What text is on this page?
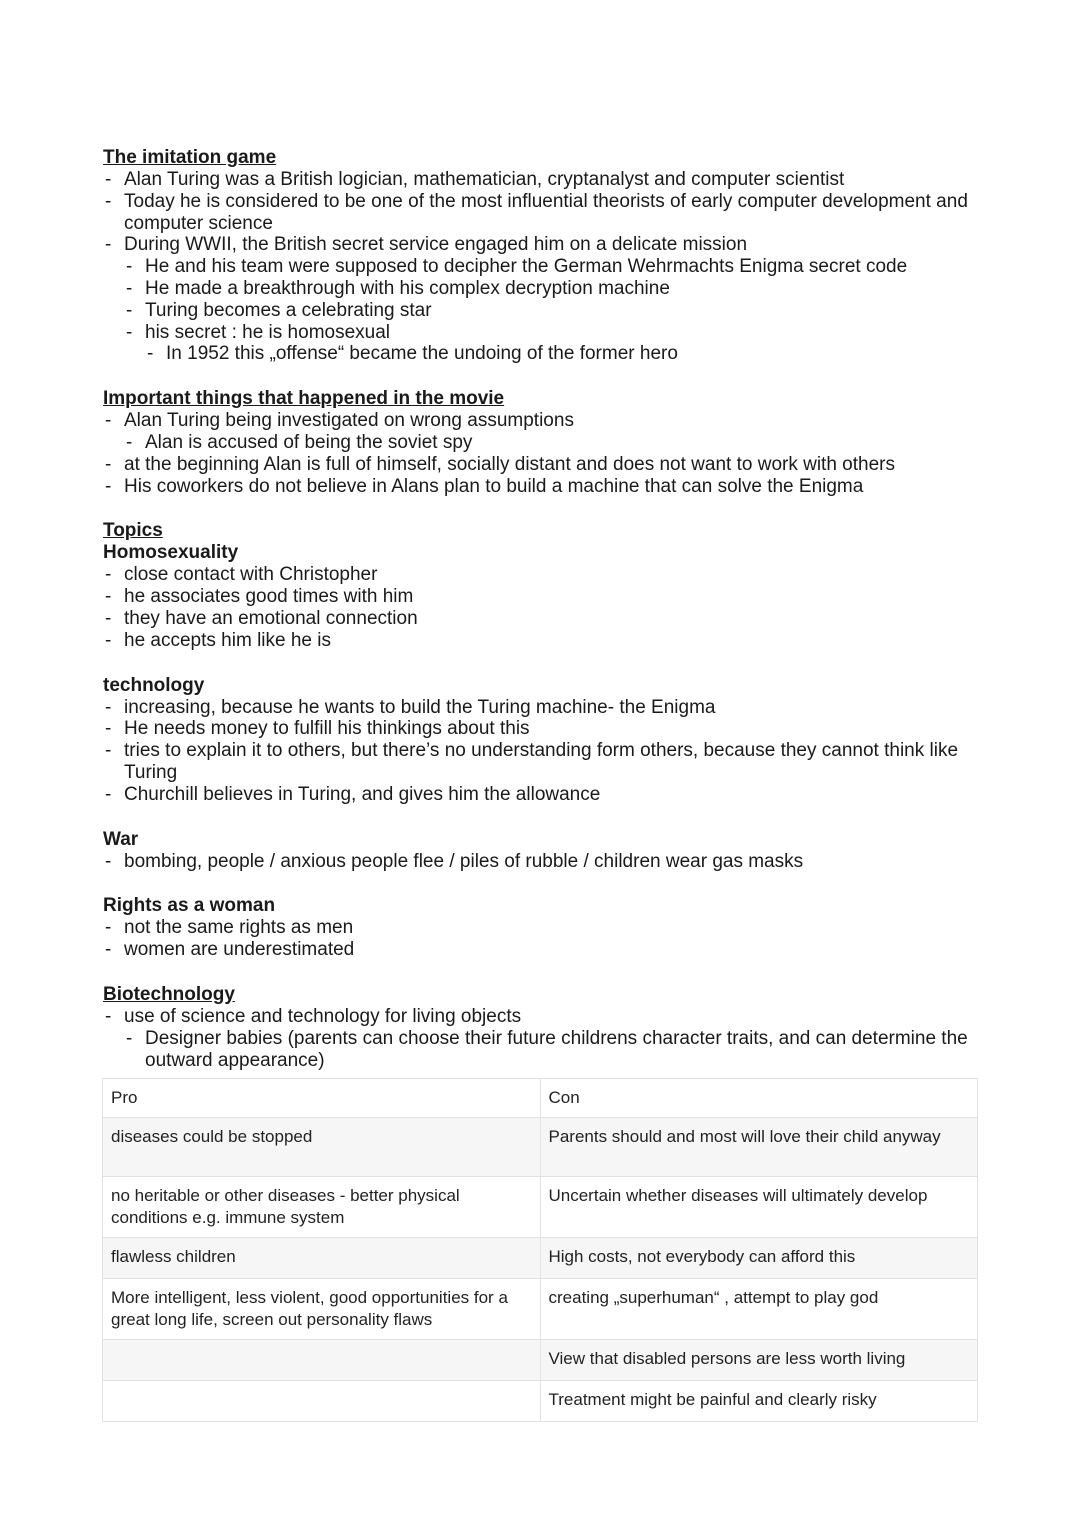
The imitation game

- Alan Turing was a British logician, mathematician, cryptanalyst and computer scientist
- Today he is considered to be one of the most influential theorists of early computer development and computer science
- During WWII, the British secret service engaged him on a delicate mission
- He and his team were supposed to decipher the German Wehrmachts Enigma secret code
- He made a breakthrough with his complex decryption machine
- Turing becomes a celebrating star
- his secret : he is homosexual
- In 1952 this „offense“ became the undoing of the former hero

Important things that happened in the movie

- Alan Turing being investigated on wrong assumptions
- Alan is accused of being the soviet spy
- at the beginning Alan is full of himself, socially distant and does not want to work with others
- His coworkers do not believe in Alans plan to build a machine that can solve the Enigma

Topics

Homosexuality

- close contact with Christopher
- he associates good times with him
- they have an emotional connection
- he accepts him like he is

technology

- increasing, because he wants to build the Turing machine- the Enigma
- He needs money to fulfill his thinkings about this
- tries to explain it to others, but there’s no understanding form others, because they cannot think like Turing
- Churchill believes in Turing, and gives him the allowance

War

- bombing, people / anxious people flee / piles of rubble / children wear gas masks

Rights as a woman

- not the same rights as men
- women are underestimated

Biotechnology

- use of science and technology for living objects
- Designer babies (parents can choose their future childrens character traits, and can determine the outward appearance)
Pro	Con
diseases could be stopped	Parents should and most will love their child anyway
no heritable or other diseases - better physical conditions e.g. immune system	Uncertain whether diseases will ultimately develop
flawless children	High costs, not everybody can afford this
More intelligent, less violent, good opportunities for a great long life, screen out personality flaws	creating „superhuman“ , attempt to play god
	View that disabled persons are less worth living
	Treatment might be painful and clearly risky
